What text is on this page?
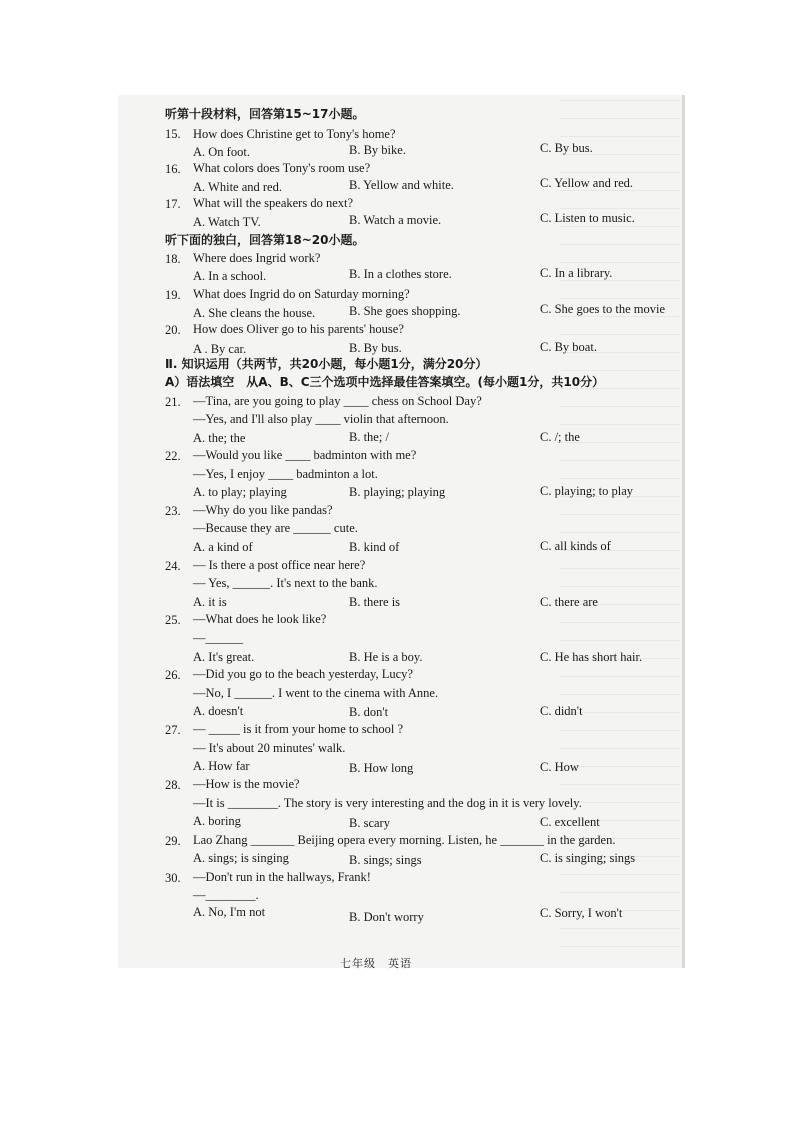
听第十段材料，回答第15~17小题。
15. How does Christine get to Tony's home?
A. On foot.	B. By bike.	C. By bus.
16. What colors does Tony's room use?
A. White and red.	B. Yellow and white.	C. Yellow and red.
17. What will the speakers do next?
A. Watch TV.	B. Watch a movie.	C. Listen to music.
听下面的独白，回答第18~20小题。
18. Where does Ingrid work?
A. In a school.	B. In a clothes store.	C. In a library.
19. What does Ingrid do on Saturday morning?
A. She cleans the house.	B. She goes shopping.	C. She goes to the movie
20. How does Oliver go to his parents' house?
A . By car.	B. By bus.	C. By boat.
Ⅱ. 知识运用（共两节，共20小题，每小题1分，满分20分）
A）语法填空　从A、B、C三个选项中选择最佳答案填空。(每小题1分，共10分）
21. —Tina, are you going to play ____ chess on School Day?
—Yes, and I'll also play ____ violin that afternoon.
A. the; the	B. the; /	C. /; the
22. —Would you like ____ badminton with me?
—Yes, I enjoy ____ badminton a lot.
A. to play; playing	B. playing; playing	C. playing; to play
23. —Why do you like pandas?
—Because they are ______ cute.
A. a kind of	B. kind of	C. all kinds of
24. — Is there a post office near here?
— Yes, ______. It's next to the bank.
A. it is	B. there is	C. there are
25. —What does he look like?
—______
A. It's great.	B. He is a boy.	C. He has short hair.
26. —Did you go to the beach yesterday, Lucy?
—No, I ______. I went to the cinema with Anne.
A. doesn't	B. don't	C. didn't
27. — _____ is it from your home to school ?
— It's about 20 minutes' walk.
A. How far	B. How long	C. How
28. —How is the movie?
—It is ________. The story is very interesting and the dog in it is very lovely.
A. boring	B. scary	C. excellent
29. Lao Zhang _______ Beijing opera every morning. Listen, he _______ in the garden.
A. sings; is singing	B. sings; sings	C. is singing; sings
30. —Don't run in the hallways, Frank!
—________.
A. No, I'm not	B. Don't worry	C. Sorry, I won't
七年级　英语
